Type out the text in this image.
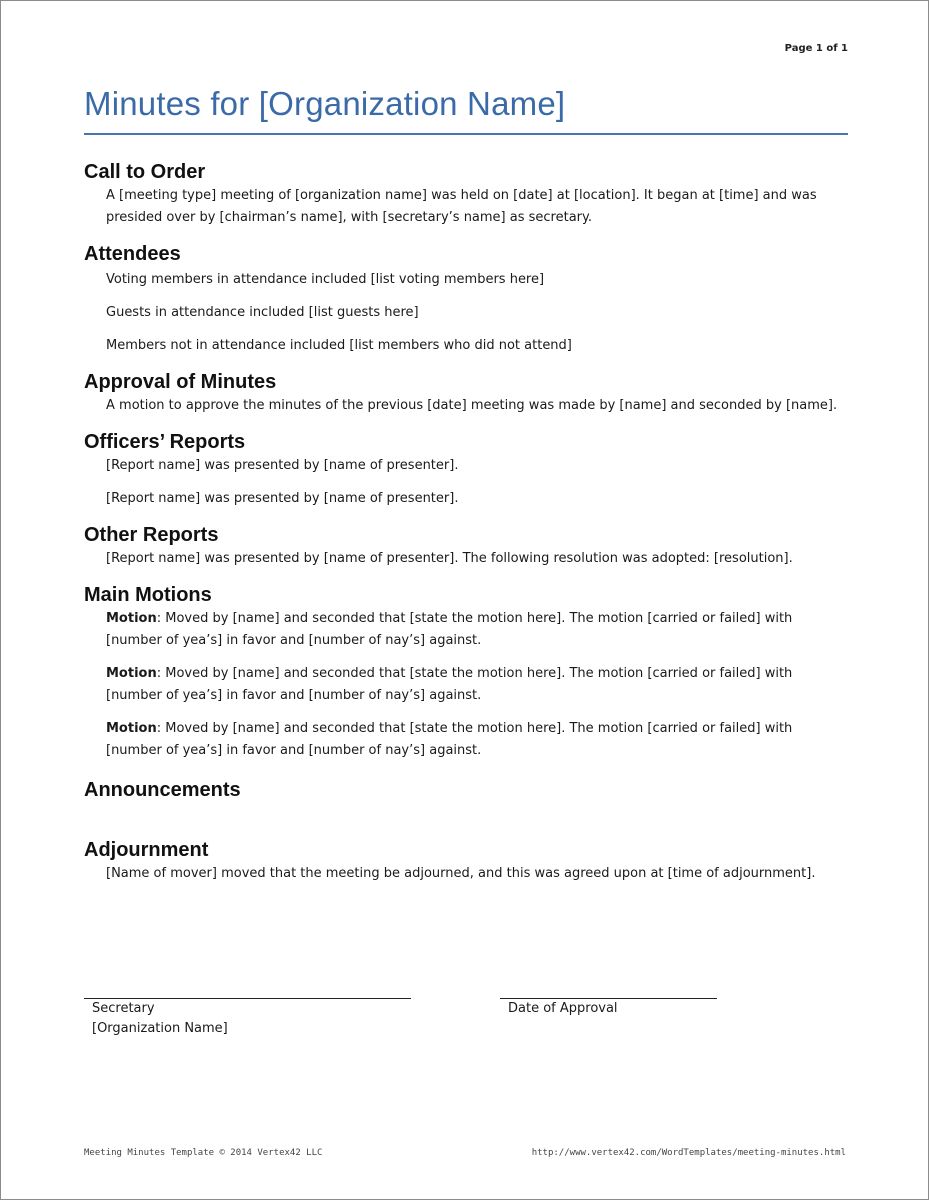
Page 1 of 1
Minutes for [Organization Name]
Call to Order

A [meeting type] meeting of [organization name] was held on [date] at [location]. It began at [time] and was presided over by [chairman’s name], with [secretary’s name] as secretary.

Attendees

Voting members in attendance included [list voting members here]

Guests in attendance included [list guests here]

Members not in attendance included [list members who did not attend]

Approval of Minutes

A motion to approve the minutes of the previous [date] meeting was made by [name] and seconded by [name].

Officers’ Reports

[Report name] was presented by [name of presenter].

[Report name] was presented by [name of presenter].

Other Reports

[Report name] was presented by [name of presenter]. The following resolution was adopted: [resolution].

Main Motions

Motion: Moved by [name] and seconded that [state the motion here]. The motion [carried or failed] with [number of yea’s] in favor and [number of nay’s] against.

Motion: Moved by [name] and seconded that [state the motion here]. The motion [carried or failed] with [number of yea’s] in favor and [number of nay’s] against.

Motion: Moved by [name] and seconded that [state the motion here]. The motion [carried or failed] with [number of yea’s] in favor and [number of nay’s] against.

Announcements
Adjournment

[Name of mover] moved that the meeting be adjourned, and this was agreed upon at [time of adjournment].

Secretary
[Organization Name]
Date of Approval
Meeting Minutes Template © 2014 Vertex42 LLC	http://www.vertex42.com/WordTemplates/meeting-minutes.html
